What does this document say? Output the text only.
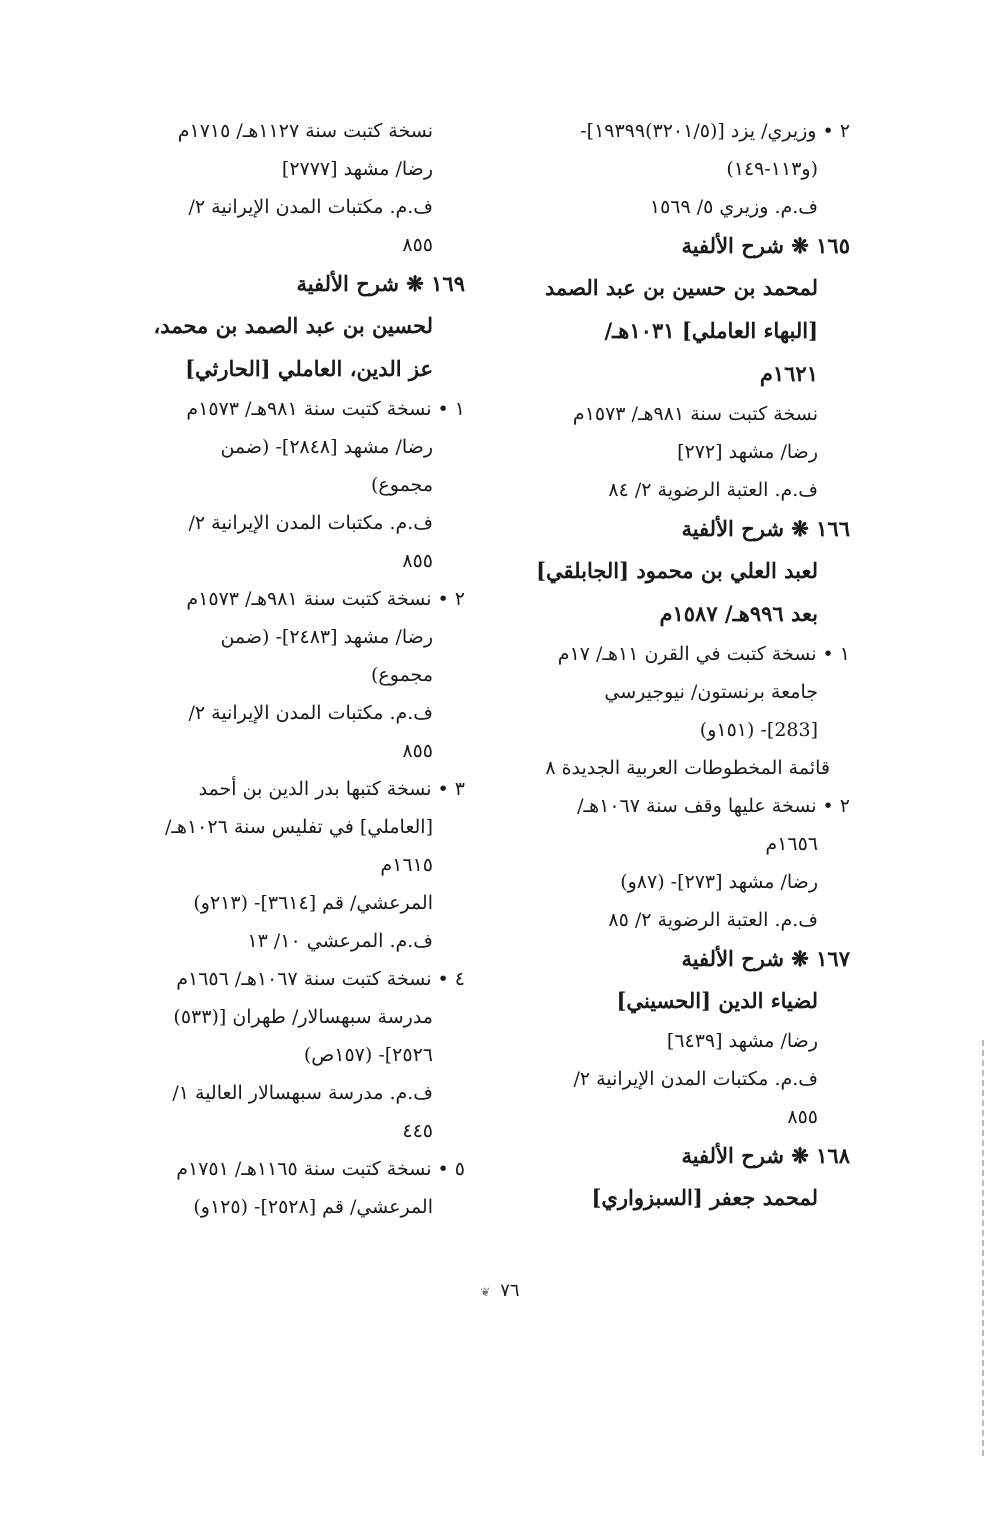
٢ • وزيري/ يزد [(٣٢٠١/٥)١٩٣٩٩]-
(و١١٣-١٤٩)
ف.م. وزيري ٥/ ١٥٦٩
١٦٥ ❋ شرح الألفية
لمحمد بن حسين بن عبد الصمد
[البهاء العاملي] ١٠٣١هـ/
١٦٢١م
نسخة كتبت سنة ٩٨١هـ/ ١٥٧٣م
رضا/ مشهد [٢٧٢]
ف.م. العتبة الرضوية ٢/ ٨٤
١٦٦ ❋ شرح الألفية
لعبد العلي بن محمود [الجابلقي]
بعد ٩٩٦هـ/ ١٥٨٧م
١ • نسخة كتبت في القرن ١١هـ/ ١٧م
جامعة برنستون/ نيوجيرسي
[283]- (١٥١و)
قائمة المخطوطات العربية الجديدة ٨
٢ • نسخة عليها وقف سنة ١٠٦٧هـ/
١٦٥٦م
رضا/ مشهد [٢٧٣]- (٨٧و)
ف.م. العتبة الرضوية ٢/ ٨٥
١٦٧ ❋ شرح الألفية
لضياء الدين [الحسيني]
رضا/ مشهد [٦٤٣٩]
ف.م. مكتبات المدن الإيرانية ٢/
٨٥٥
١٦٨ ❋ شرح الألفية
لمحمد جعفر [السبزواري]
نسخة كتبت سنة ١١٢٧هـ/ ١٧١٥م
رضا/ مشهد [٢٧٧٧]
ف.م. مكتبات المدن الإيرانية ٢/
٨٥٥
١٦٩ ❋ شرح الألفية
لحسين بن عبد الصمد بن محمد،
عز الدين، العاملي [الحارثي]
١ • نسخة كتبت سنة ٩٨١هـ/ ١٥٧٣م
رضا/ مشهد [٢٨٤٨]- (ضمن
مجموع)
ف.م. مكتبات المدن الإيرانية ٢/
٨٥٥
٢ • نسخة كتبت سنة ٩٨١هـ/ ١٥٧٣م
رضا/ مشهد [٢٤٨٣]- (ضمن
مجموع)
ف.م. مكتبات المدن الإيرانية ٢/
٨٥٥
٣ • نسخة كتبها بدر الدين بن أحمد
[العاملي] في تفليس سنة ١٠٢٦هـ/
١٦١٥م
المرعشي/ قم [٣٦١٤]- (٢١٣و)
ف.م. المرعشي ١٠/ ١٣
٤ • نسخة كتبت سنة ١٠٦٧هـ/ ١٦٥٦م
مدرسة سبهسالار/ طهران [(٥٣٣)
٢٥٢٦]- (١٥٧ص)
ف.م. مدرسة سبهسالار العالية ١/
٤٤٥
٥ • نسخة كتبت سنة ١١٦٥هـ/ ١٧٥١م
المرعشي/ قم [٢٥٢٨]- (١٢٥و)
٧٦ ❦
